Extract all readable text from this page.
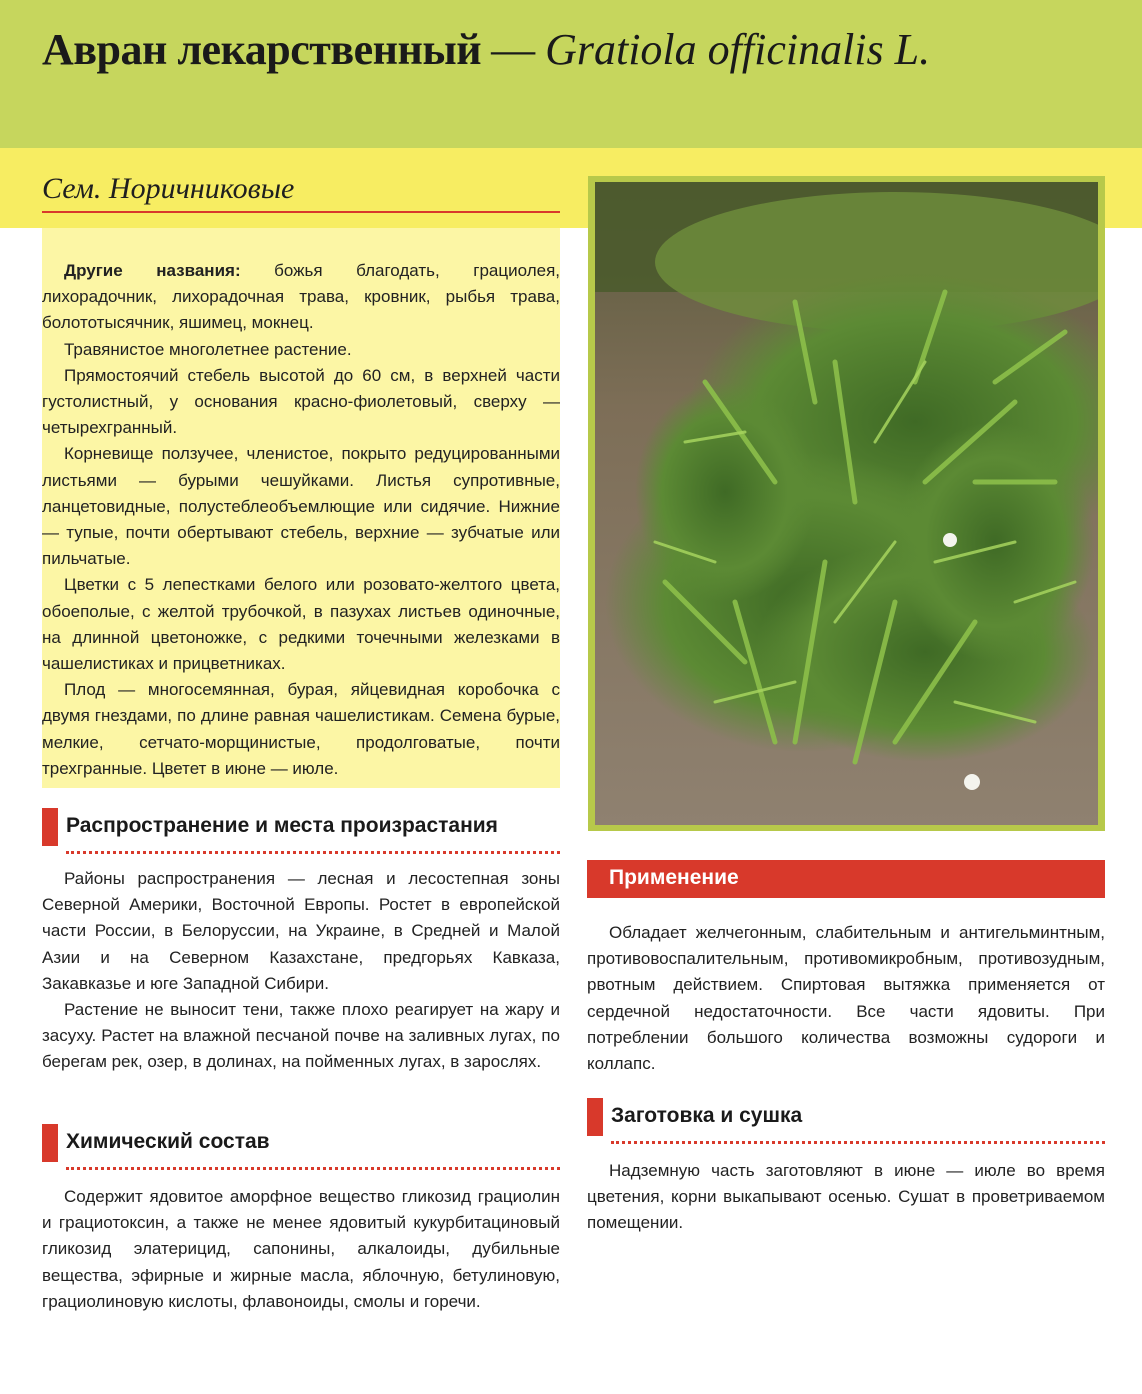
Авран лекарственный — Gratiola officinalis L.
Сем. Норичниковые

Другие названия: божья благодать, грациолея, лихорадочник, лихорадочная трава, кровник, рыбья трава, болототысячник, яшимец, мокнец.

Травянистое многолетнее растение.

Прямостоячий стебель высотой до 60 см, в верхней части густолистный, у основания красно-фиолетовый, сверху — четырехгранный.

Корневище ползучее, членистое, покрыто редуцированными листьями — бурыми чешуйками. Листья супротивные, ланцетовидные, полустеблеобъемлющие или сидячие. Нижние — тупые, почти обертывают стебель, верхние — зубчатые или пильчатые.

Цветки с 5 лепестками белого или розовато-желтого цвета, обоеполые, с желтой трубочкой, в пазухах листьев одиночные, на длинной цветоножке, с редкими точечными железками в чашелистиках и прицветниках.

Плод — многосемянная, бурая, яйцевидная коробочка с двумя гнездами, по длине равная чашелистикам. Семена бурые, мелкие, сетчато-морщинистые, продолговатые, почти трехгранные. Цветет в июне — июле.

Распространение и места произрастания

Районы распространения — лесная и лесостепная зоны Северной Америки, Восточной Европы. Ростет в европейской части России, в Белоруссии, на Украине, в Средней и Малой Азии и на Северном Казахстане, предгорьях Кавказа, Закавказье и юге Западной Сибири.

Растение не выносит тени, также плохо реагирует на жару и засуху. Растет на влажной песчаной почве на заливных лугах, по берегам рек, озер, в долинах, на пойменных лугах, в зарослях.

Химический состав

Содержит ядовитое аморфное вещество гликозид грациолин и грациотоксин, а также не менее ядовитый кукурбитациновый гликозид элатерицид, сапонины, алкалоиды, дубильные вещества, эфирные и жирные масла, яблочную, бетулиновую, грациолиновую кислоты, флавоноиды, смолы и горечи.

Применение

Обладает желчегонным, слабительным и антигельминтным, противовоспалительным, противомикробным, противозудным, рвотным действием. Спиртовая вытяжка применяется от сердечной недостаточности. Все части ядовиты. При потреблении большого количества возможны судороги и коллапс.

Заготовка и сушка

Надземную часть заготовляют в июне — июле во время цветения, корни выкапывают осенью. Сушат в проветриваемом помещении.
